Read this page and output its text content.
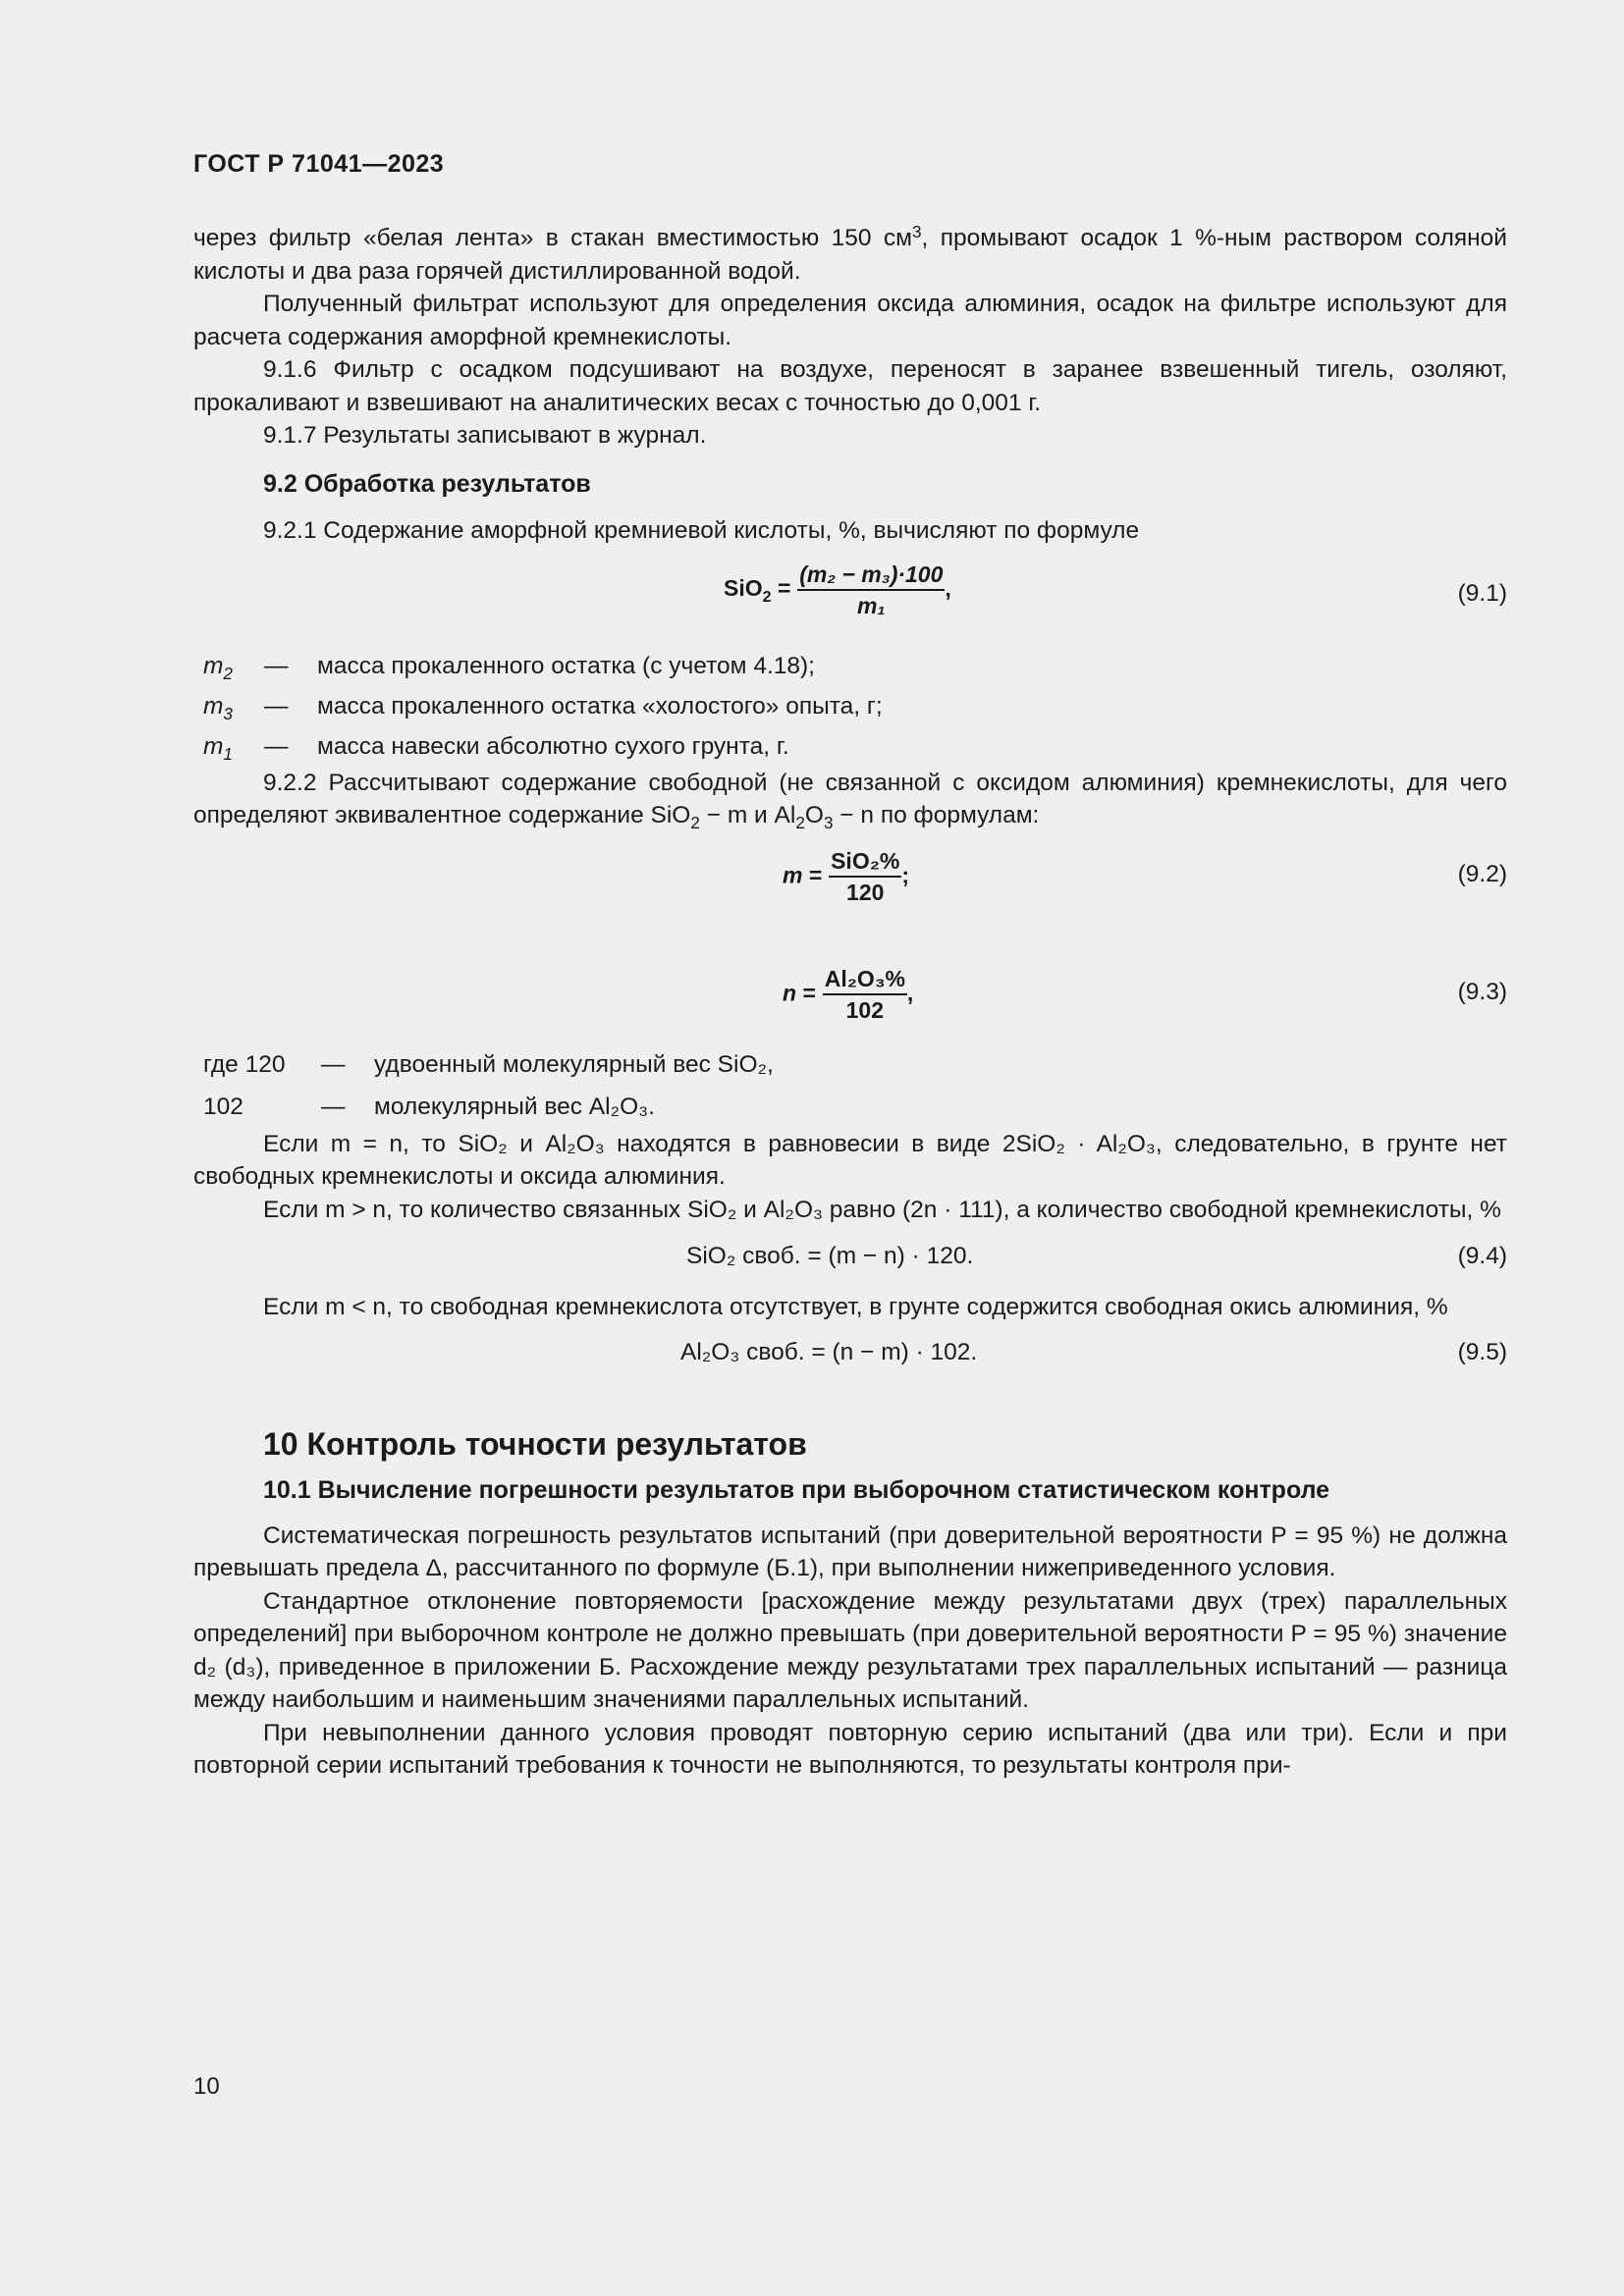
ГОСТ Р 71041—2023

через фильтр «белая лента» в стакан вместимостью 150 $см^3$, промывают осадок 1 %-ным раствором соляной кислоты и два раза горячей дистиллированной водой.

Полученный фильтрат используют для определения оксида алюминия, осадок на фильтре используют для расчета содержания аморфной кремнекислоты.

9.1.6 Фильтр с осадком подсушивают на воздухе, переносят в заранее взвешенный тигель, озоляют, прокаливают и взвешивают на аналитических весах с точностью до 0,001 г.

9.1.7 Результаты записывают в журнал.

9.2 Обработка результатов

9.2.1 Содержание аморфной кремниевой кислоты, %, вычисляют по формуле

$SiO_2 = \frac{\text{(m₂ − m₃)·100}}{\text{m₁}}$ ,	(9.1)
$m_2$	—	масса прокаленного остатка (с учетом 4.18);
$m_3$	—	масса прокаленного остатка «холостого» опыта, г;
$m_1$	—	масса навески абсолютно сухого грунта, г.

9.2.2 Рассчитывают содержание свободной (не связанной с оксидом алюминия) кремнекислоты, для чего определяют эквивалентное содержание SiO$_2$ − m и $Al_2O_3 - n$ по формулам:

$m = \frac{\text{SiO₂\%}}{120}$ ;	(9.2)
$n = \frac{\text{Al₂O₃\%}}{102}$ ,	(9.3)
где 120	—	удвоенный молекулярный вес SiO₂,
102	—	молекулярный вес Al₂O₃.

Если m = n, то SiO₂ и Al₂O₃ находятся в равновесии в виде 2SiO₂ · Al₂O₃, следовательно, в грунте нет свободных кремнекислоты и оксида алюминия.

Если m > n, то количество связанных SiO₂ и Al₂O₃ равно (2n · 111), а количество свободной кремнекислоты, %

SiO₂ своб. = (m − n) · 120.	(9.4)

Если m < n, то свободная кремнекислота отсутствует, в грунте содержится свободная окись алюминия, %

Al₂O₃ своб. = (n − m) · 102.	(9.5)

10 Контроль точности результатов

10.1 Вычисление погрешности результатов при выборочном статистическом контроле

Систематическая погрешность результатов испытаний (при доверительной вероятности P = 95 %) не должна превышать предела Δ, рассчитанного по формуле (Б.1), при выполнении нижеприведенного условия.

Стандартное отклонение повторяемости [расхождение между результатами двух (трех) параллельных определений] при выборочном контроле не должно превышать (при доверительной вероятности P = 95 %) значение d₂ (d₃), приведенное в приложении Б. Расхождение между результатами трех параллельных испытаний — разница между наибольшим и наименьшим значениями параллельных испытаний.

При невыполнении данного условия проводят повторную серию испытаний (два или три). Если и при повторной серии испытаний требования к точности не выполняются, то результаты контроля при-

10
